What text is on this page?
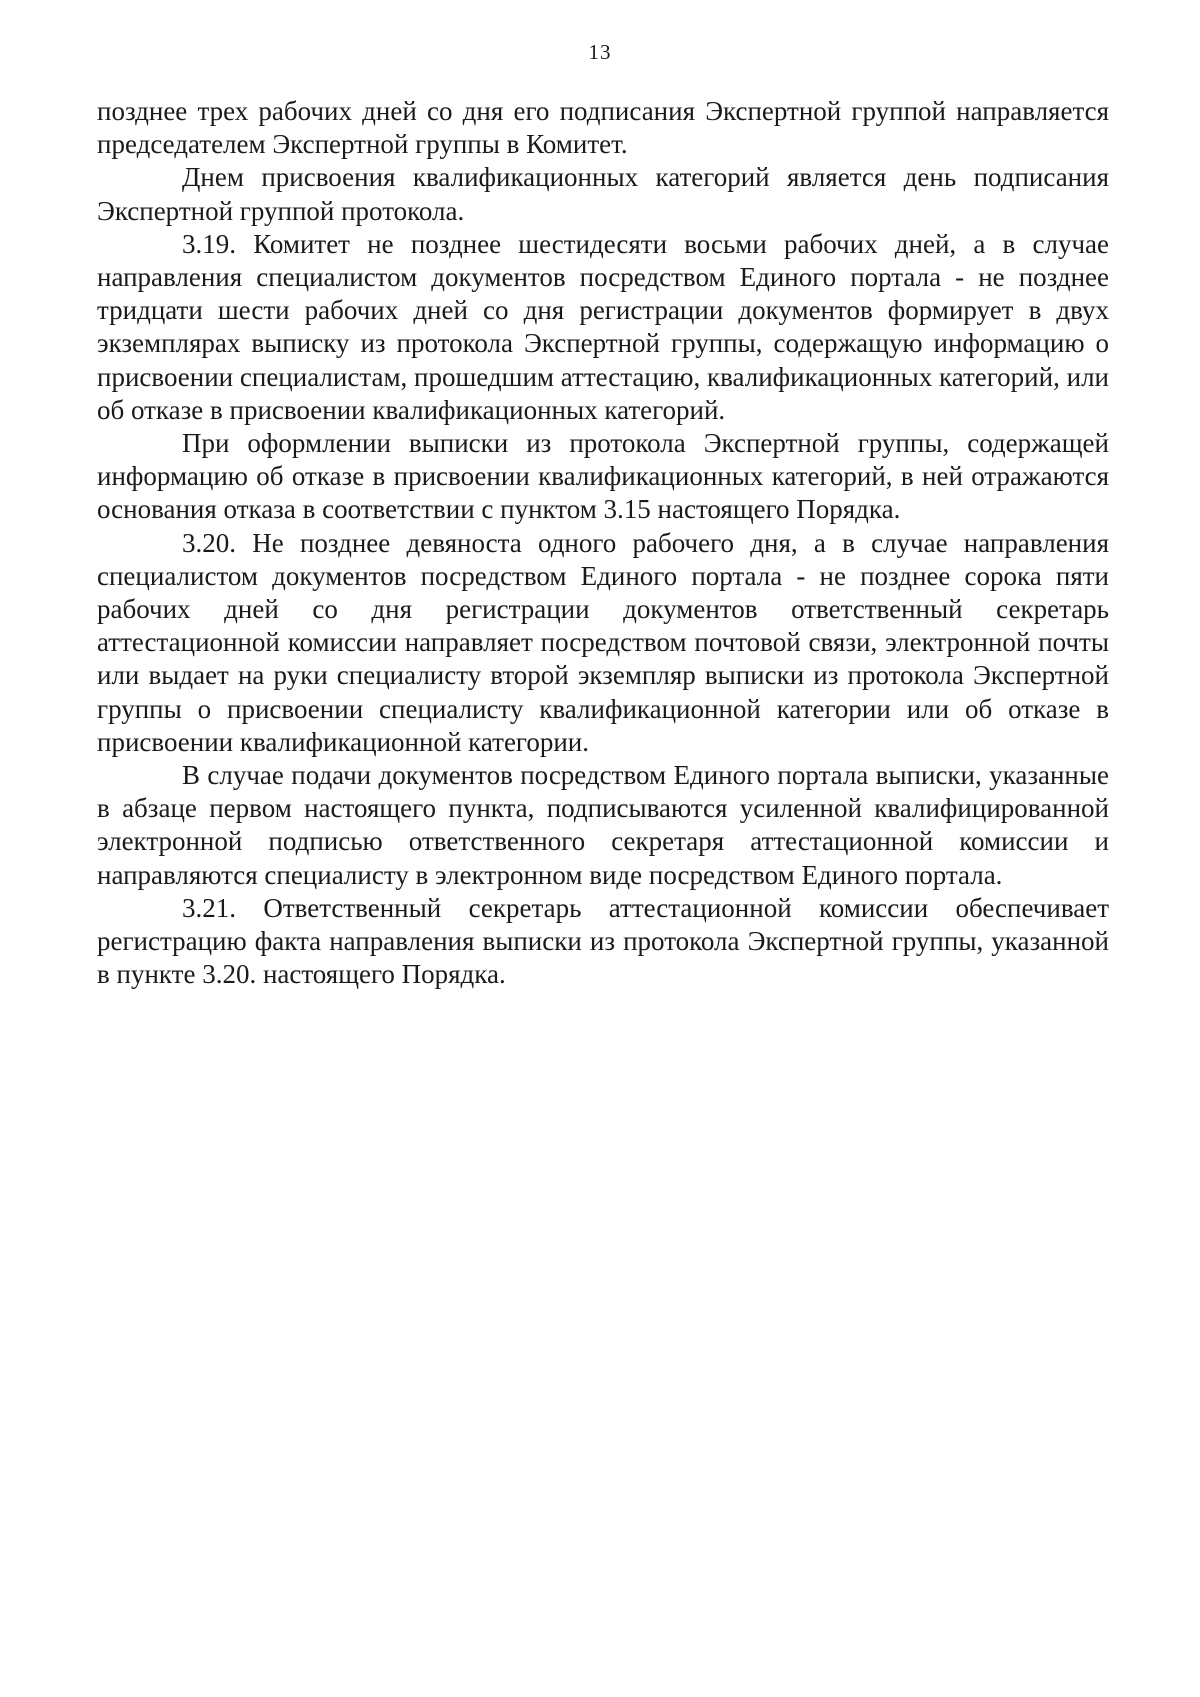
13

позднее трех рабочих дней со дня его подписания Экспертной группой направляется председателем Экспертной группы в Комитет.

Днем присвоения квалификационных категорий является день подписания Экспертной группой протокола.

3.19. Комитет не позднее шестидесяти восьми рабочих дней, а в случае направления специалистом документов посредством Единого портала - не позднее тридцати шести рабочих дней со дня регистрации документов формирует в двух экземплярах выписку из протокола Экспертной группы, содержащую информацию о присвоении специалистам, прошедшим аттестацию, квалификационных категорий, или об отказе в присвоении квалификационных категорий.

При оформлении выписки из протокола Экспертной группы, содержащей информацию об отказе в присвоении квалификационных категорий, в ней отражаются основания отказа в соответствии с пунктом 3.15 настоящего Порядка.

3.20. Не позднее девяноста одного рабочего дня, а в случае направления специалистом документов посредством Единого портала - не позднее сорока пяти рабочих дней со дня регистрации документов ответственный секретарь аттестационной комиссии направляет посредством почтовой связи, электронной почты или выдает на руки специалисту второй экземпляр выписки из протокола Экспертной группы о присвоении специалисту квалификационной категории или об отказе в присвоении квалификационной категории.

В случае подачи документов посредством Единого портала выписки, указанные в абзаце первом настоящего пункта, подписываются усиленной квалифицированной электронной подписью ответственного секретаря аттестационной комиссии и направляются специалисту в электронном виде посредством Единого портала.

3.21. Ответственный секретарь аттестационной комиссии обеспечивает регистрацию факта направления выписки из протокола Экспертной группы, указанной в пункте 3.20. настоящего Порядка.
